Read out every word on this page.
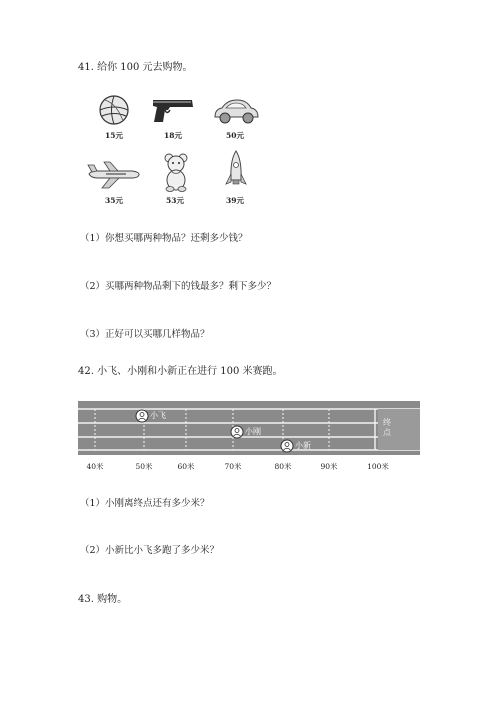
41. 给你 100 元去购物。
15元	18元	50元
35元	53元	39元
（1）你想买哪两种物品？还剩多少钱？
（2）买哪两种物品剩下的钱最多？剩下多少？
（3）正好可以买哪几样物品？
42. 小飞、小刚和小新正在进行 100 米赛跑。
小飞
小刚
小新
终点
40米	50米	60米	70米	80米	90米	100米
（1）小刚离终点还有多少米？
（2）小新比小飞多跑了多少米？
43. 购物。
